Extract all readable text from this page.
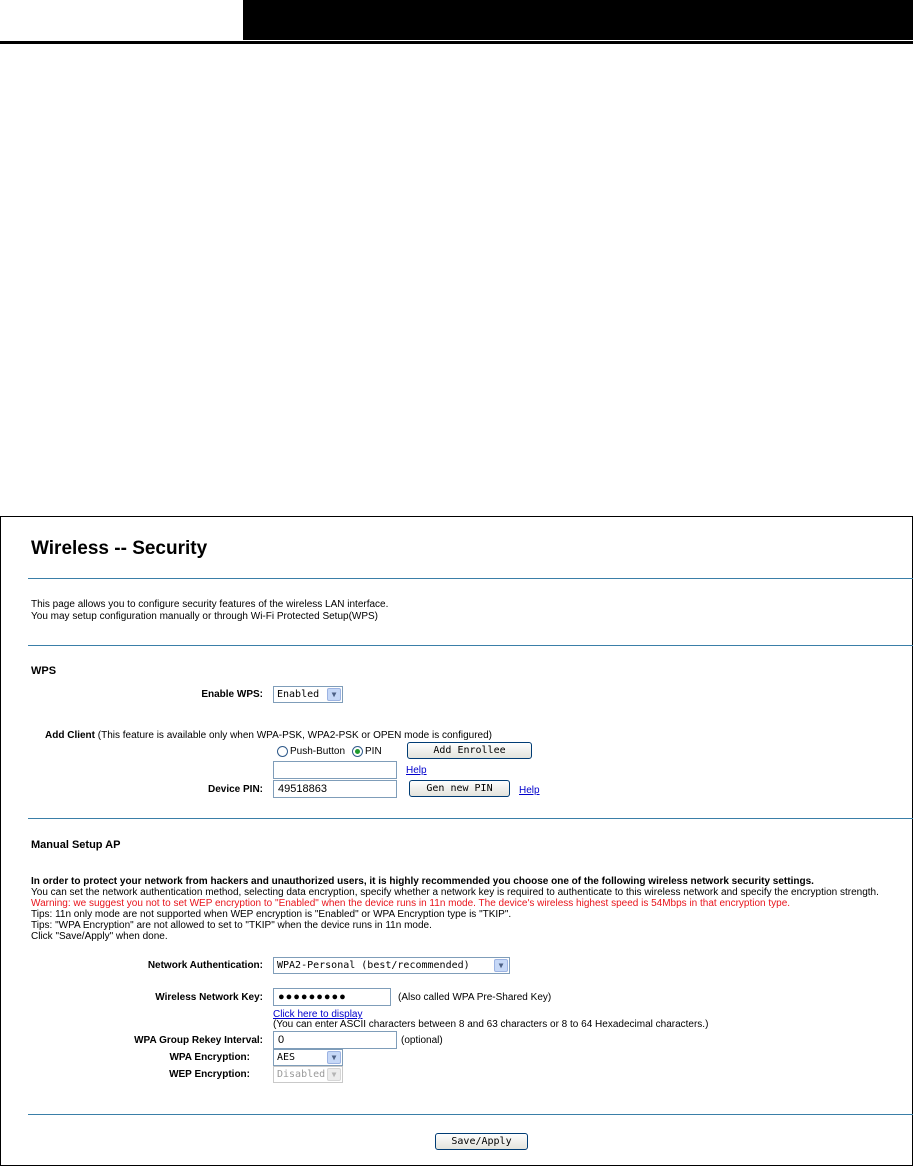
Wireless -- Security
This page allows you to configure security features of the wireless LAN interface.
You may setup configuration manually or through Wi-Fi Protected Setup(WPS)
WPS
Enable WPS:	Enabled	▼
Add Client (This feature is available only when WPA-PSK, WPA2-PSK or OPEN mode is configured)
Push-Button PIN	Add Enrollee
Help
Device PIN:	49518863	Gen new PIN	Help
Manual Setup AP
In order to protect your network from hackers and unauthorized users, it is highly recommended you choose one of the following wireless network security settings.
You can set the network authentication method, selecting data encryption, specify whether a network key is required to authenticate to this wireless network and specify the encryption strength.
Warning: we suggest you not to set WEP encryption to "Enabled" when the device runs in 11n mode. The device's wireless highest speed is 54Mbps in that encryption type.
Tips: 11n only mode are not supported when WEP encryption is "Enabled" or WPA Encryption type is "TKIP".
Tips: "WPA Encryption" are not allowed to set to "TKIP" when the device runs in 11n mode.
Click "Save/Apply" when done.
Network Authentication:	WPA2-Personal (best/recommended)	▼
Wireless Network Key:	●●●●●●●●●	(Also called WPA Pre-Shared Key)
Click here to display
(You can enter ASCII characters between 8 and 63 characters or 8 to 64 Hexadecimal characters.)
WPA Group Rekey Interval:	0	(optional)
WPA Encryption:	AES	▼
WEP Encryption:	Disabled ▼
Save/Apply
